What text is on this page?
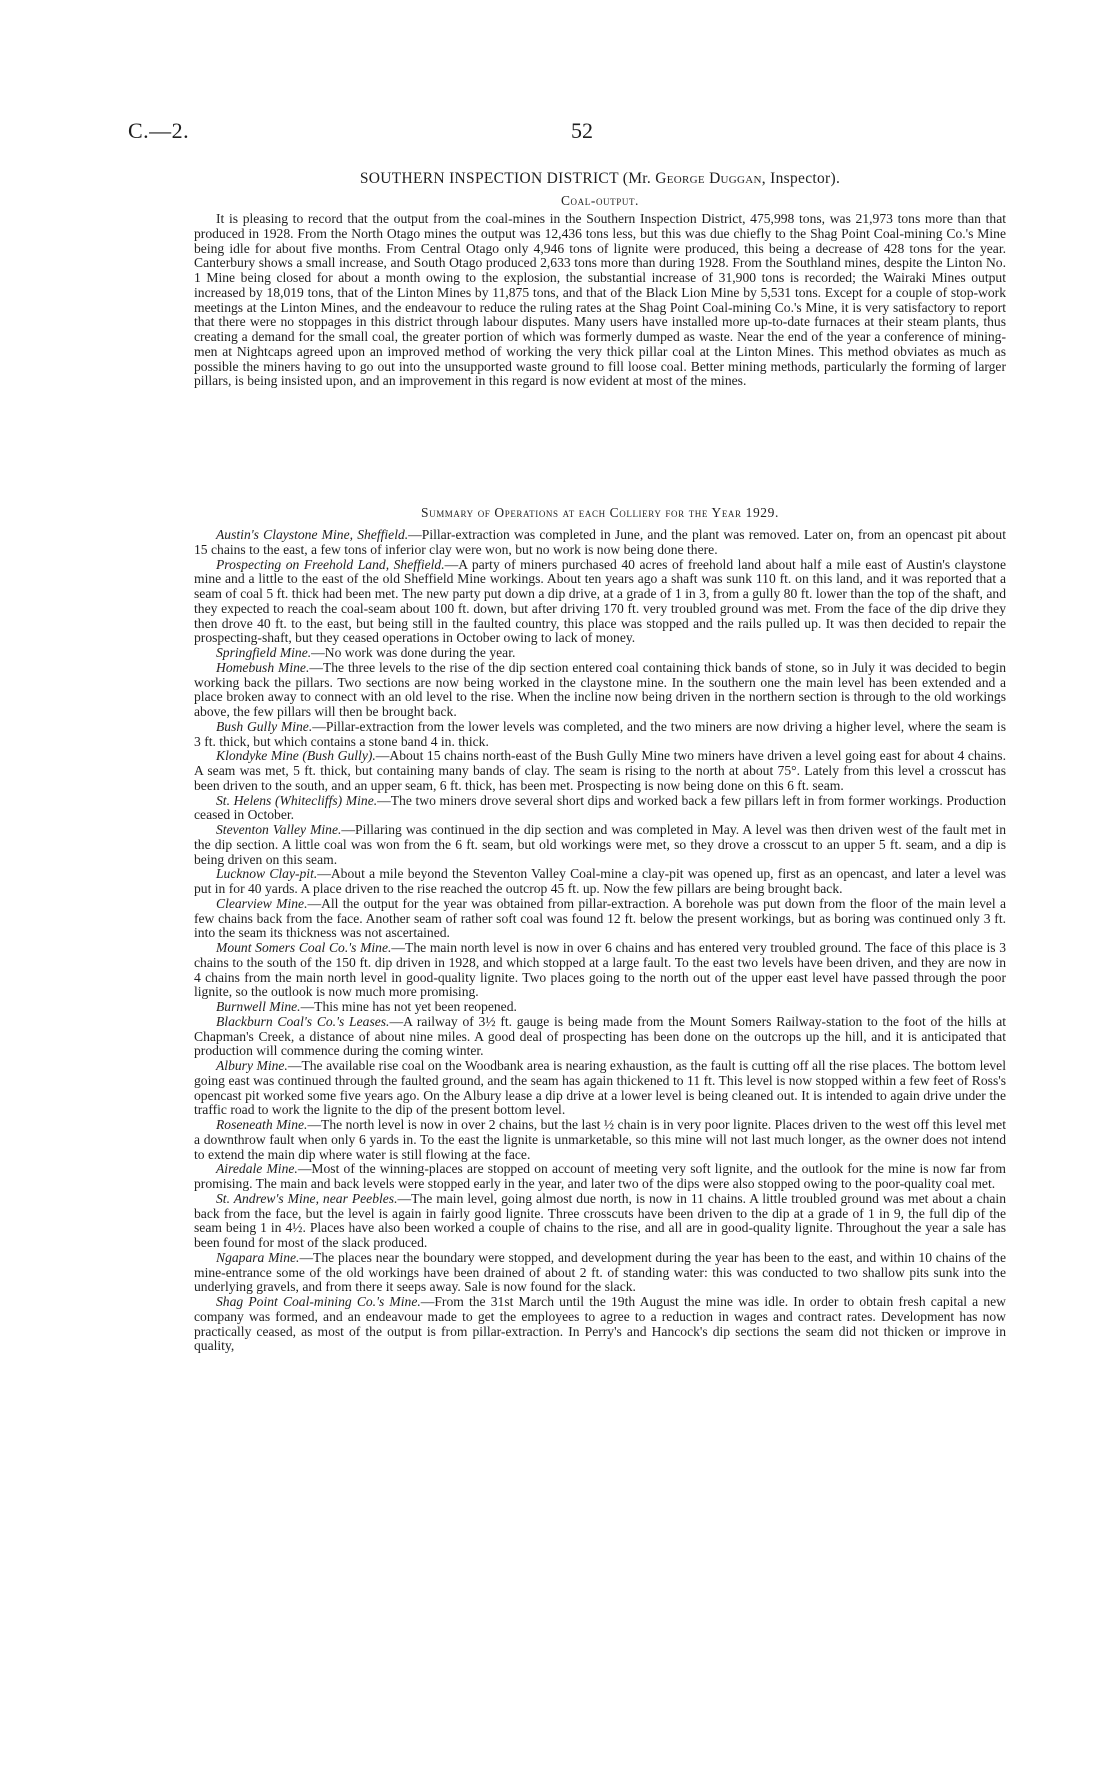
C.—2.	52
SOUTHERN INSPECTION DISTRICT (Mr. George Duggan, Inspector).
Coal-output.

It is pleasing to record that the output from the coal-mines in the Southern Inspection District, 475,998 tons, was 21,973 tons more than that produced in 1928. From the North Otago mines the output was 12,436 tons less, but this was due chiefly to the Shag Point Coal-mining Co.'s Mine being idle for about five months. From Central Otago only 4,946 tons of lignite were produced, this being a decrease of 428 tons for the year. Canterbury shows a small increase, and South Otago produced 2,633 tons more than during 1928. From the Southland mines, despite the Linton No. 1 Mine being closed for about a month owing to the explosion, the substantial increase of 31,900 tons is recorded; the Wairaki Mines output increased by 18,019 tons, that of the Linton Mines by 11,875 tons, and that of the Black Lion Mine by 5,531 tons. Except for a couple of stop-work meetings at the Linton Mines, and the endeavour to reduce the ruling rates at the Shag Point Coal-mining Co.'s Mine, it is very satisfactory to report that there were no stoppages in this district through labour disputes. Many users have installed more up-to-date furnaces at their steam plants, thus creating a demand for the small coal, the greater portion of which was formerly dumped as waste. Near the end of the year a conference of mining-men at Nightcaps agreed upon an improved method of working the very thick pillar coal at the Linton Mines. This method obviates as much as possible the miners having to go out into the unsupported waste ground to fill loose coal. Better mining methods, particularly the forming of larger pillars, is being insisted upon, and an improvement in this regard is now evident at most of the mines.

Summary of Operations at each Colliery for the Year 1929.

Austin's Claystone Mine, Sheffield.—Pillar-extraction was completed in June, and the plant was removed. Later on, from an opencast pit about 15 chains to the east, a few tons of inferior clay were won, but no work is now being done there.

Prospecting on Freehold Land, Sheffield.—A party of miners purchased 40 acres of freehold land about half a mile east of Austin's claystone mine and a little to the east of the old Sheffield Mine workings. About ten years ago a shaft was sunk 110 ft. on this land, and it was reported that a seam of coal 5 ft. thick had been met. The new party put down a dip drive, at a grade of 1 in 3, from a gully 80 ft. lower than the top of the shaft, and they expected to reach the coal-seam about 100 ft. down, but after driving 170 ft. very troubled ground was met. From the face of the dip drive they then drove 40 ft. to the east, but being still in the faulted country, this place was stopped and the rails pulled up. It was then decided to repair the prospecting-shaft, but they ceased operations in October owing to lack of money.

Springfield Mine.—No work was done during the year.

Homebush Mine.—The three levels to the rise of the dip section entered coal containing thick bands of stone, so in July it was decided to begin working back the pillars. Two sections are now being worked in the claystone mine. In the southern one the main level has been extended and a place broken away to connect with an old level to the rise. When the incline now being driven in the northern section is through to the old workings above, the few pillars will then be brought back.

Bush Gully Mine.—Pillar-extraction from the lower levels was completed, and the two miners are now driving a higher level, where the seam is 3 ft. thick, but which contains a stone band 4 in. thick.

Klondyke Mine (Bush Gully).—About 15 chains north-east of the Bush Gully Mine two miners have driven a level going east for about 4 chains. A seam was met, 5 ft. thick, but containing many bands of clay. The seam is rising to the north at about 75°. Lately from this level a crosscut has been driven to the south, and an upper seam, 6 ft. thick, has been met. Prospecting is now being done on this 6 ft. seam.

St. Helens (Whitecliffs) Mine.—The two miners drove several short dips and worked back a few pillars left in from former workings. Production ceased in October.

Steventon Valley Mine.—Pillaring was continued in the dip section and was completed in May. A level was then driven west of the fault met in the dip section. A little coal was won from the 6 ft. seam, but old workings were met, so they drove a crosscut to an upper 5 ft. seam, and a dip is being driven on this seam.

Lucknow Clay-pit.—About a mile beyond the Steventon Valley Coal-mine a clay-pit was opened up, first as an opencast, and later a level was put in for 40 yards. A place driven to the rise reached the outcrop 45 ft. up. Now the few pillars are being brought back.

Clearview Mine.—All the output for the year was obtained from pillar-extraction. A borehole was put down from the floor of the main level a few chains back from the face. Another seam of rather soft coal was found 12 ft. below the present workings, but as boring was continued only 3 ft. into the seam its thickness was not ascertained.

Mount Somers Coal Co.'s Mine.—The main north level is now in over 6 chains and has entered very troubled ground. The face of this place is 3 chains to the south of the 150 ft. dip driven in 1928, and which stopped at a large fault. To the east two levels have been driven, and they are now in 4 chains from the main north level in good-quality lignite. Two places going to the north out of the upper east level have passed through the poor lignite, so the outlook is now much more promising.

Burnwell Mine.—This mine has not yet been reopened.

Blackburn Coal's Co.'s Leases.—A railway of 3½ ft. gauge is being made from the Mount Somers Railway-station to the foot of the hills at Chapman's Creek, a distance of about nine miles. A good deal of prospecting has been done on the outcrops up the hill, and it is anticipated that production will commence during the coming winter.

Albury Mine.—The available rise coal on the Woodbank area is nearing exhaustion, as the fault is cutting off all the rise places. The bottom level going east was continued through the faulted ground, and the seam has again thickened to 11 ft. This level is now stopped within a few feet of Ross's opencast pit worked some five years ago. On the Albury lease a dip drive at a lower level is being cleaned out. It is intended to again drive under the traffic road to work the lignite to the dip of the present bottom level.

Roseneath Mine.—The north level is now in over 2 chains, but the last ½ chain is in very poor lignite. Places driven to the west off this level met a downthrow fault when only 6 yards in. To the east the lignite is unmarketable, so this mine will not last much longer, as the owner does not intend to extend the main dip where water is still flowing at the face.

Airedale Mine.—Most of the winning-places are stopped on account of meeting very soft lignite, and the outlook for the mine is now far from promising. The main and back levels were stopped early in the year, and later two of the dips were also stopped owing to the poor-quality coal met.

St. Andrew's Mine, near Peebles.—The main level, going almost due north, is now in 11 chains. A little troubled ground was met about a chain back from the face, but the level is again in fairly good lignite. Three crosscuts have been driven to the dip at a grade of 1 in 9, the full dip of the seam being 1 in 4½. Places have also been worked a couple of chains to the rise, and all are in good-quality lignite. Throughout the year a sale has been found for most of the slack produced.

Ngapara Mine.—The places near the boundary were stopped, and development during the year has been to the east, and within 10 chains of the mine-entrance some of the old workings have been drained of about 2 ft. of standing water: this was conducted to two shallow pits sunk into the underlying gravels, and from there it seeps away. Sale is now found for the slack.

Shag Point Coal-mining Co.'s Mine.—From the 31st March until the 19th August the mine was idle. In order to obtain fresh capital a new company was formed, and an endeavour made to get the employees to agree to a reduction in wages and contract rates. Development has now practically ceased, as most of the output is from pillar-extraction. In Perry's and Hancock's dip sections the seam did not thicken or improve in quality,
